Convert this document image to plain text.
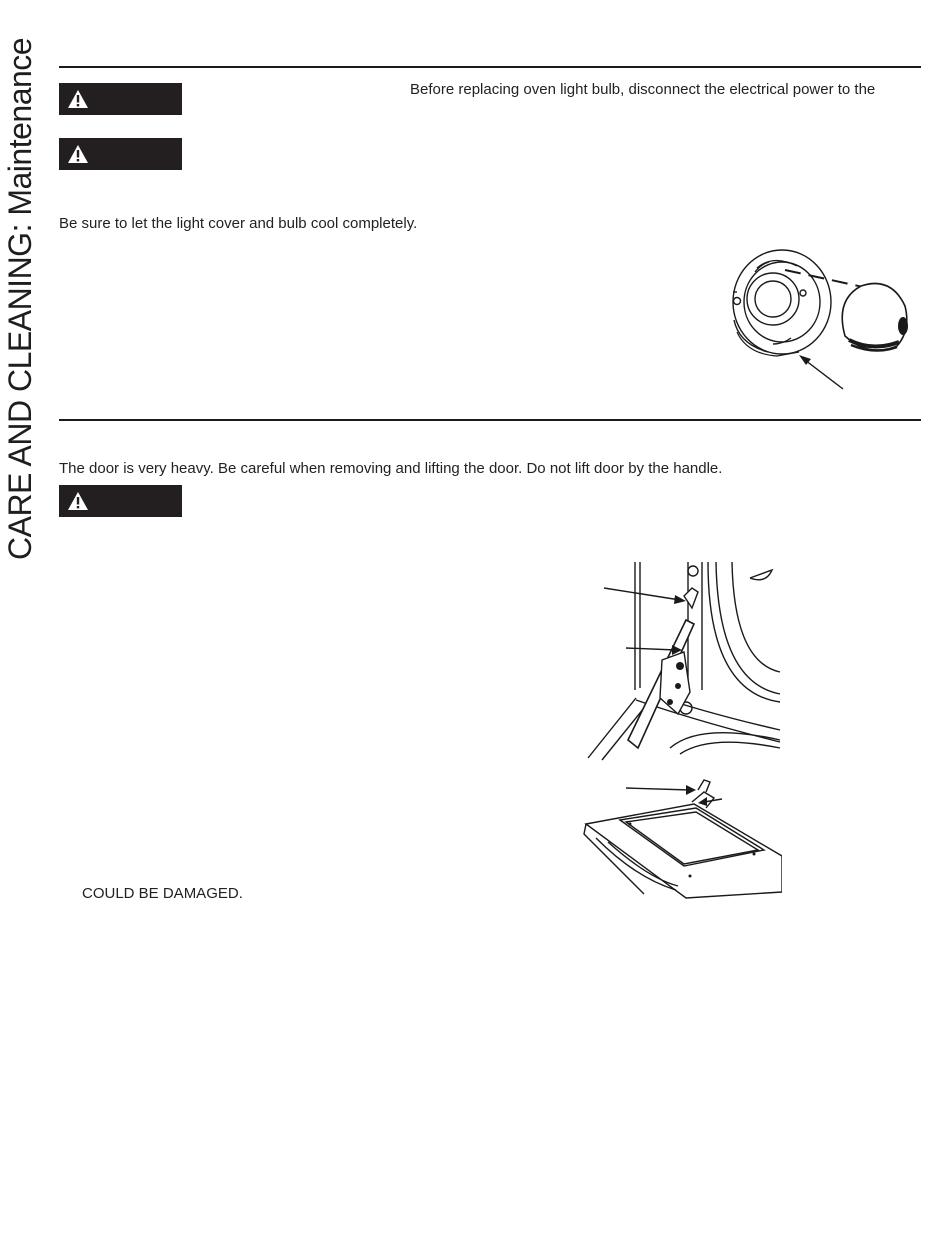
CARE AND CLEANING: Maintenance	Before replacing oven light bulb, disconnect the electrical power to the
Be sure to let the light cover and bulb cool completely.
The door is very heavy. Be careful when removing and lifting the door. Do not lift door by the handle.
COULD BE DAMAGED.
